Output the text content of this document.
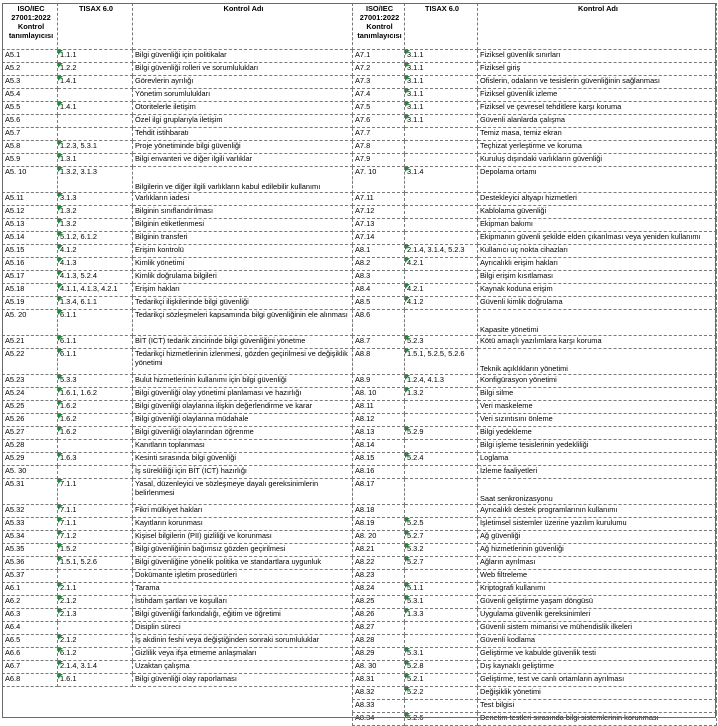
ISO/IEC 27001:2022 Kontrol tanımlayıcısı	TISAX 6.0	Kontrol Adı
A5.1	1.1.1	Bilgi güvenliği için politikalar
A5.2	1.2.2	Bilgi güvenliği rolleri ve sorumlulukları
A5.3	1.4.1	Görevlerin ayrılığı
A5.4		Yönetim sorumlulukları
A5.5	1.4.1	Otoritelerle iletişim
A5.6		Özel ilgi gruplarıyla iletişim
A5.7		Tehdit istihbaratı
A5.8	1.2.3, 5.3.1	Proje yönetiminde bilgi güvenliği
A5.9	1.3.1	Bilgi envanteri ve diğer ilgili varlıklar
A5. 10	1.3.2, 3.1.3	Bilgilerin ve diğer ilgili varlıkların kabul edilebilir kullanımı
A5.11	3.1.3	Varlıkların iadesi
A5.12	1.3.2	Bilginin sınıflandırılması
A5.13	1.3.2	Bilginin etiketlenmesi
A5.14	5.1.2, 6.1.2	Bilginin transferi
A5.15	4.1.2	Erişim kontrolü
A5.16	4.1.3	Kimlik yönetimi
A5.17	4.1.3, 5.2.4	Kimlik doğrulama bilgileri
A5.18	4.1.1, 4.1.3, 4.2.1	Erişim hakları
A5.19	1.3.4, 6.1.1	Tedarikçi ilişkilerinde bilgi güvenliği
A5. 20	6.1.1	Tedarikçi sözleşmeleri kapsamında bilgi güvenliğinin ele alınması
A5.21	6.1.1	BİT (ICT) tedarik zincirinde bilgi güvenliğini yönetme
A5.22	6.1.1	Tedarikçi hizmetlerinin izlenmesi, gözden geçirilmesi ve değişiklik yönetimi
A5.23	5.3.3	Bulut hizmetlerinin kullanımı için bilgi güvenliği
A5.24	1.6.1, 1.6.2	Bilgi güvenliği olay yönetimi planlaması ve hazırlığı
A5.25	1.6.2	Bilgi güvenliği olaylanna ilişkin değerlendirme ve karar
A5.26	1.6.2	Bilgi güvenliği olaylanna müdahale
A5.27	1.6.2	Bilgi güvenliği olaylarından öğrenme
A5.28		Kanıtların toplanması
A5.29	1.6.3	Kesinti sırasında bilgi güvenliği
A5. 30		İş sürekliliği için BİT (ICT) hazırlığı
A5.31	7.1.1	Yasal, düzenleyici ve sözleşmeye dayalı gereksinimlerin belirlenmesi
A5.32	7.1.1	Fikri mülkiyet hakları
A5.33	7.1.1	Kayıtların korunması
A5.34	7.1.2	Kişisel bilgilerin (PII) gizliliği ve korunması
A5.35	1.5.2	Bilgi güvenliğinin bağımsız gözden geçirilmesi
A5.36	1.5.1, 5.2.6	Bilgi güvenliğine yönelik politika ve standartlara uygunluk
A5.37		Dokümante işletim prosedürleri
A6.1	2.1.1	Tarama
A6.2	2.1.2	İstihdam şartları ve koşulları
A6.3	2.1.3	Bilgi güvenliği farkındalığı, eğitim ve öğretimi
A6.4		Disiplin süreci
A6.5	2.1.2	İş akdinin feshi veya değiştiğinden sonraki sorumluluklar
A6.6	6.1.2	Gizlilik veya ifşa etmeme anlaşmaları
A6.7	2.1.4, 3.1.4	Uzaktan çalışma
A6.8	1.6.1	Bilgi güvenliği olay raporlaması
ISO/IEC 27001:2022 Kontrol tanımlayıcısı	TISAX 6.0	Kontrol Adı
A7.1	3.1.1	Fiziksel güvenlik sınırları
A7.2	3.1.1	Fiziksel giriş
A7.3	3.1.1	Ofislerin, odaların ve tesislerin güvenliğinin sağlanması
A7.4	3.1.1	Fiziksel güvenlik izleme
A7.5	3.1.1	Fiziksel ve çevresel tehditlere karşı koruma
A7.6	3.1.1	Güvenli alanlarda çalışma
A7.7		Temiz masa, temiz ekran
A7.8		Teçhizat yerleştirme ve koruma
A7.9		Kuruluş dışındaki varlıkların güvenliği
A7. 10	3.1.4	Depolama ortamı
A7.11		Destekleyici altyapı hizmetleri
A7.12		Kablolama güvenliği
A7.13		Ekipman bakımı
A7.14		Ekipmanın güvenli şekilde elden çıkarılması veya yeniden kullanımı
A8.1	2.1.4, 3.1.4, 5.2.3	Kullanıcı uç nokta cihazları
A8.2	4.2.1	Ayrıcalıklı erişim hakları
A8.3		Bilgi erişim kısıtlaması
A8.4	4.2.1	Kaynak koduna erişim
A8.5	4.1.2	Güvenli kimlik doğrulama
A8.6		Kapasite yönetimi
A8.7	5.2.3	Kötü amaçlı yazılımlara karşı koruma
A8.8	1.5.1, 5.2.5, 5.2.6	Teknik açıklıkların yönetimi
A8.9	1.2.4, 4.1.3	Konfigürasyon yönetimi
A8. 10	1.3.2	Bilgi silme
A8.11		Veri maskeleme
A8.12		Veri sızıntısını önleme
A8.13	5.2.9	Bilgi yedekleme
A8.14		Bilgi işleme tesislerinin yedekliliği
A8.15	5.2.4	Loglama
A8.16		İzleme faaliyetleri
A8.17		Saat senkronizasyonu
A8.18		Ayrıcalıklı destek programlarının kullanımı
A8.19	5.2.5	İşletimsel sistemler üzerine yazılım kurulumu
A8. 20	5.2.7	Ağ güvenliği
A8.21	5.3.2	Ağ hizmetlerinin güvenliği
A8.22	5.2.7	Ağların ayrılması
A8.23		Web filtreleme
A8.24	5.1.1	Kriptografi kullanımı
A8.25	5.3.1	Güvenli geliştirme yaşam döngüsü
A8.26	1.3.3	Uygulama güvenlik gereksinimleri
A8.27		Güvenli sistem mimarisi ve mühendislik ilkeleri
A8.28		Güvenli kodlama
A8.29	5.3.1	Geliştirme ve kabulde güvenlik testi
A8. 30	5.2.8	Dış kaynaklı geliştirme
A8.31	5.2.1	Geliştirme, test ve canlı ortamların ayrılması
A8.32	5.2.2	Değişiklik yönetimi
A8.33		Test bilgisi
A8.34	5.2.6	Denetim testleri sırasında bilgi sistemlerinin korunması
